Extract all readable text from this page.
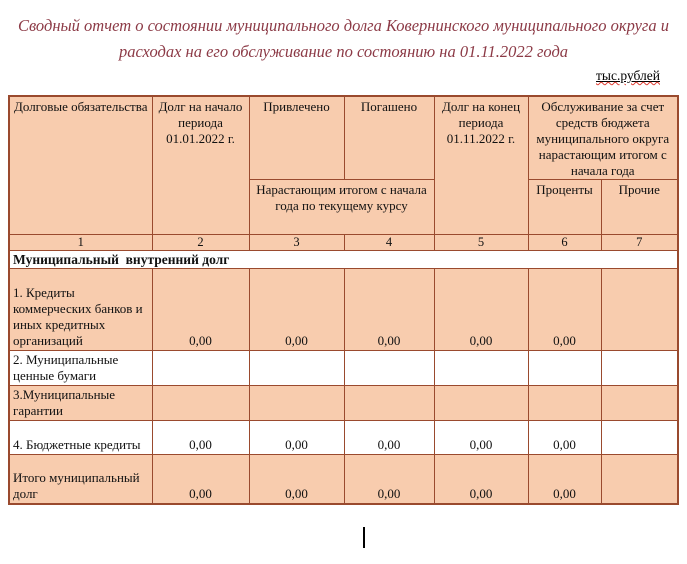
Сводный отчет о состоянии муниципального долга Ковернинского муниципального округа и расходах на его обслуживание по состоянию на 01.11.2022 года
тыс.рублей
Долговые обязательства	Долг на начало периода 01.01.2022 г.	Привлечено	Погашено	Долг на конец периода 01.11.2022 г.	Обслуживание за счет средств бюджета муниципального округа нарастающим итогом с начала года	
		Нарастающим итогом с начала года по текущему курсу			Проценты	Прочие
1	2	3	4	5	6	7
Муниципальный  внутренний долг						
1. Кредиты коммерческих банков и иных кредитных организаций	0,00	0,00	0,00	0,00	0,00	
2. Муниципальные ценные бумаги						
3.Муниципальные гарантии						
4. Бюджетные кредиты	0,00	0,00	0,00	0,00	0,00	
Итого муниципальный долг	0,00	0,00	0,00	0,00	0,00	
